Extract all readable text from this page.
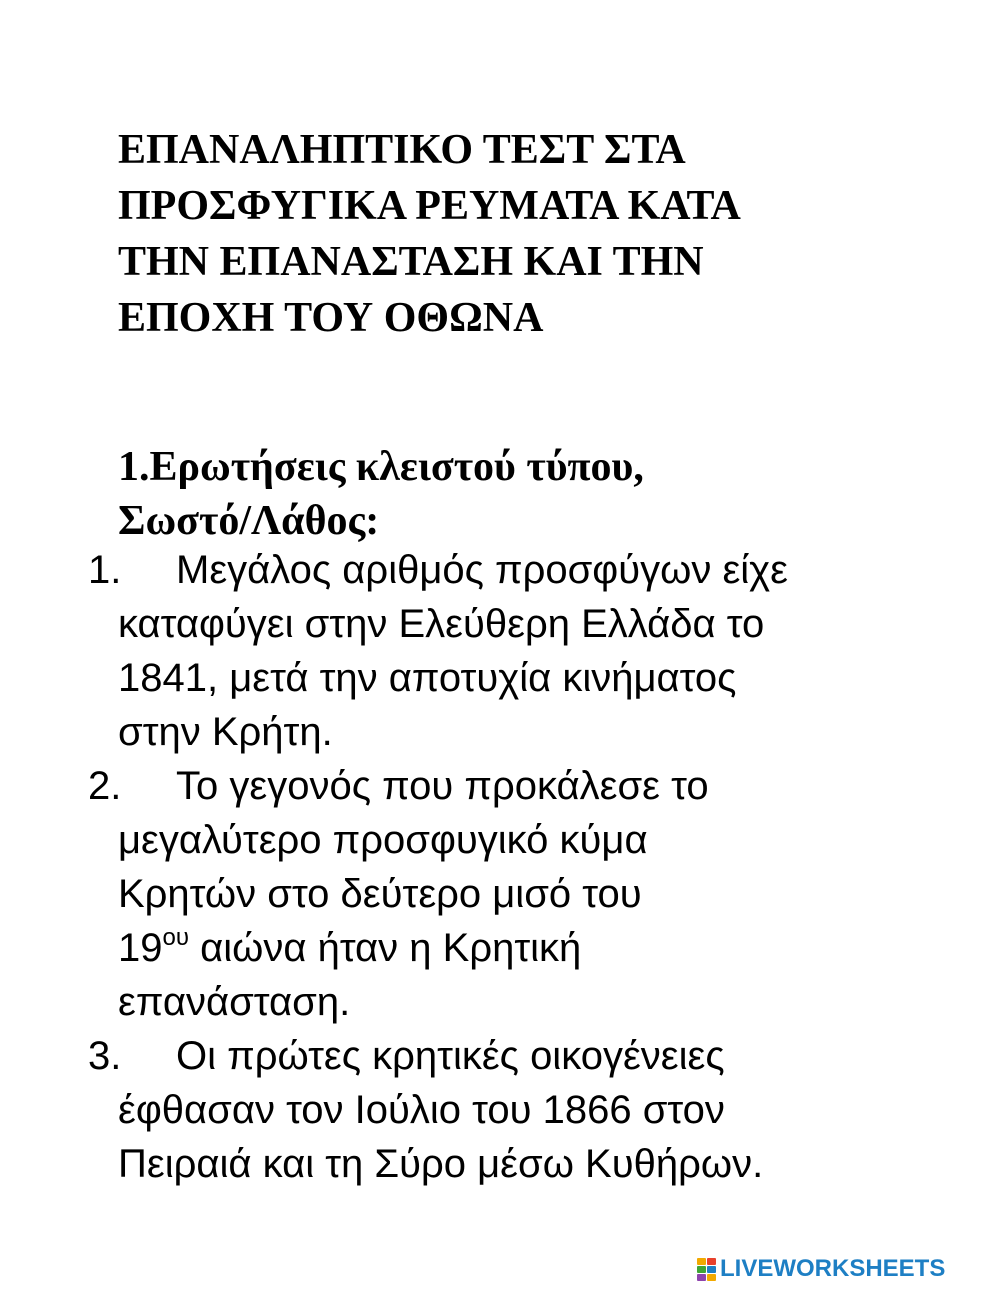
ΕΠΑΝΑΛΗΠΤΙΚΟ ΤΕΣΤ ΣΤΑ
ΠΡΟΣΦΥΓΙΚΑ ΡΕΥΜΑΤΑ ΚΑΤΑ
ΤΗΝ ΕΠΑΝΑΣΤΑΣΗ ΚΑΙ ΤΗΝ
ΕΠΟΧΗ ΤΟΥ ΟΘΩΝΑ
1.Ερωτήσεις κλειστού τύπου,
Σωστό/Λάθος:
1.	Μεγάλος αριθμός προσφύγων είχε
καταφύγει στην Ελεύθερη Ελλάδα το
1841, μετά την αποτυχία κινήματος
στην Κρήτη.
2.	Το γεγονός που προκάλεσε το
μεγαλύτερο προσφυγικό κύμα
Κρητών στο δεύτερο μισό του
$19^{o\upsilon}$ αιώνα ήταν η Κρητική
επανάσταση.
3.	Οι πρώτες κρητικές οικογένειες
έφθασαν τον Ιούλιο του 1866 στον
Πειραιά και τη Σύρο μέσω Κυθήρων.
LIVEWORKSHEETS
